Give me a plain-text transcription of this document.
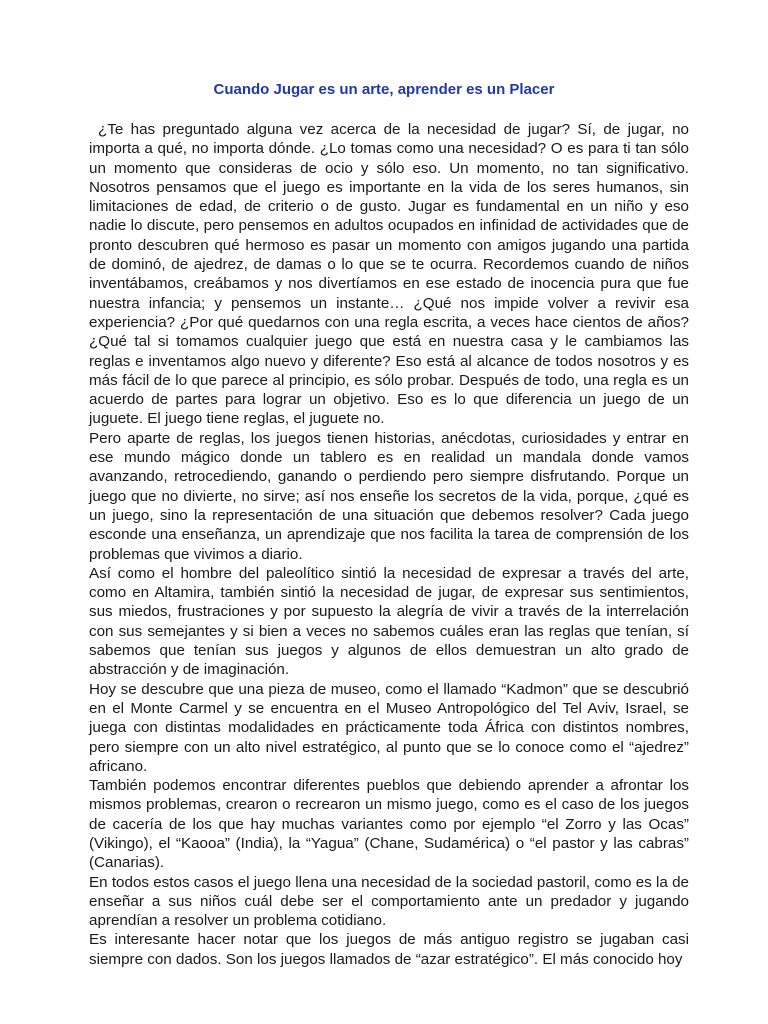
Cuando Jugar es un arte, aprender es un Placer

¿Te has preguntado alguna vez acerca de la necesidad de jugar? Sí, de jugar, no importa a qué, no importa dónde. ¿Lo tomas como una necesidad? O es para ti tan sólo un momento que consideras de ocio y sólo eso. Un momento, no tan significativo. Nosotros pensamos que el juego es importante en la vida de los seres humanos, sin limitaciones de edad, de criterio o de gusto. Jugar es fundamental en un niño y eso nadie lo discute, pero pensemos en adultos ocupados en infinidad de actividades que de pronto descubren qué hermoso es pasar un momento con amigos jugando una partida de dominó, de ajedrez, de damas o lo que se te ocurra. Recordemos cuando de niños inventábamos, creábamos y nos divertíamos en ese estado de inocencia pura que fue nuestra infancia; y pensemos un instante… ¿Qué nos impide volver a revivir esa experiencia? ¿Por qué quedarnos con una regla escrita, a veces hace cientos de años? ¿Qué tal si tomamos cualquier juego que está en nuestra casa y le cambiamos las reglas e inventamos algo nuevo y diferente? Eso está al alcance de todos nosotros y es más fácil de lo que parece al principio, es sólo probar. Después de todo, una regla es un acuerdo de partes para lograr un objetivo. Eso es lo que diferencia un juego de un juguete. El juego tiene reglas, el juguete no.

Pero aparte de reglas, los juegos tienen historias, anécdotas, curiosidades y entrar en ese mundo mágico donde un tablero es en realidad un mandala donde vamos avanzando, retrocediendo, ganando o perdiendo pero siempre disfrutando. Porque un juego que no divierte, no sirve; así nos enseñe los secretos de la vida, porque, ¿qué es un juego, sino la representación de una situación que debemos resolver? Cada juego esconde una enseñanza, un aprendizaje que nos facilita la tarea de comprensión de los problemas que vivimos a diario.

Así como el hombre del paleolítico sintió la necesidad de expresar a través del arte, como en Altamira, también sintió la necesidad de jugar, de expresar sus sentimientos, sus miedos, frustraciones y por supuesto la alegría de vivir a través de la interrelación con sus semejantes y si bien a veces no sabemos cuáles eran las reglas que tenían, sí sabemos que tenían sus juegos y algunos de ellos demuestran un alto grado de abstracción y de imaginación.

Hoy se descubre que una pieza de museo, como el llamado “Kadmon” que se descubrió en el Monte Carmel y se encuentra en el Museo Antropológico del Tel Aviv, Israel, se juega con distintas modalidades en prácticamente toda África con distintos nombres, pero siempre con un alto nivel estratégico, al punto que se lo conoce como el “ajedrez” africano.

También podemos encontrar diferentes pueblos que debiendo aprender a afrontar los mismos problemas, crearon o recrearon un mismo juego, como es el caso de los juegos de cacería de los que hay muchas variantes como por ejemplo “el Zorro y las Ocas” (Vikingo), el “Kaooa” (India), la “Yagua” (Chane, Sudamérica) o “el pastor y las cabras” (Canarias).

En todos estos casos el juego llena una necesidad de la sociedad pastoril, como es la de enseñar a sus niños cuál debe ser el comportamiento ante un predador y jugando aprendían a resolver un problema cotidiano.

Es interesante hacer notar que los juegos de más antiguo registro se jugaban casi siempre con dados. Son los juegos llamados de “azar estratégico”. El más conocido hoy
